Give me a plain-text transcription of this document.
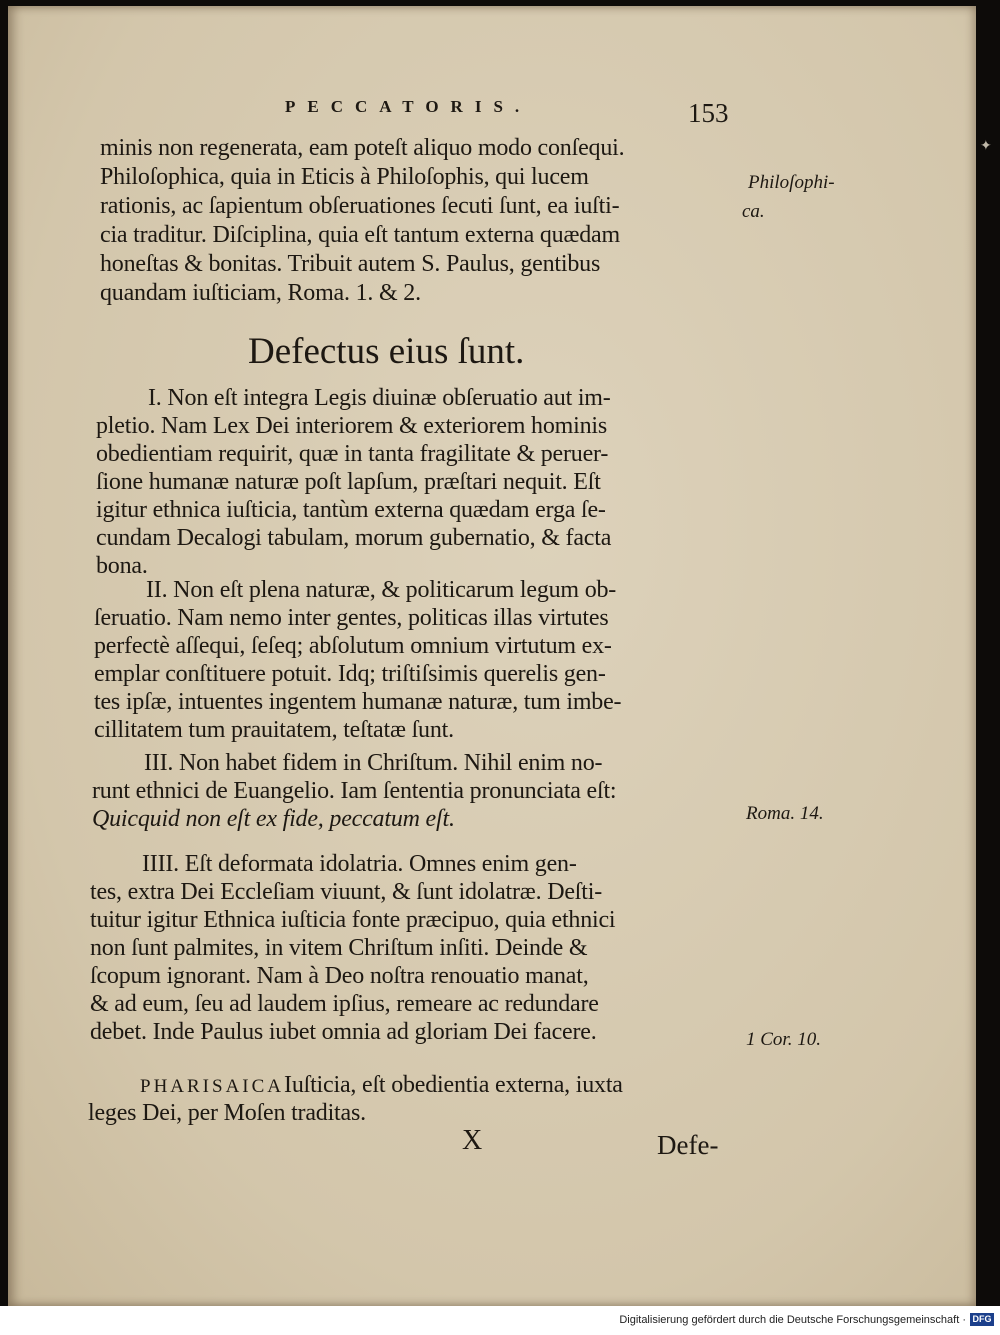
✦
PECCATORIS.	153
minis non regenerata, eam poteſt aliquo modo conſequi.
Philoſophica, quia in Eticis à Philoſophis, qui lucem
rationis, ac ſapientum obſeruationes ſecuti ſunt, ea iuſti-
cia traditur. Diſciplina, quia eſt tantum externa quædam
honeſtas & bonitas. Tribuit autem S. Paulus, gentibus
quandam iuſticiam, Roma. 1. & 2.
Philoſophi-
ca.
Defectus eius ſunt.
I. Non eſt integra Legis diuinæ obſeruatio aut im-
pletio. Nam Lex Dei interiorem & exteriorem hominis
obedientiam requirit, quæ in tanta fragilitate & peruer-
ſione humanæ naturæ poſt lapſum, præſtari nequit. Eſt
igitur ethnica iuſticia, tantùm externa quædam erga ſe-
cundam Decalogi tabulam, morum gubernatio, & facta
bona.
II. Non eſt plena naturæ, & politicarum legum ob-
ſeruatio. Nam nemo inter gentes, politicas illas virtutes
perfectè aſſequi, ſeſeq; abſolutum omnium virtutum ex-
emplar conſtituere potuit. Idq; triſtiſsimis querelis gen-
tes ipſæ, intuentes ingentem humanæ naturæ, tum imbe-
cillitatem tum prauitatem, teſtatæ ſunt.
III. Non habet fidem in Chriſtum. Nihil enim no-
runt ethnici de Euangelio. Iam ſententia pronunciata eſt:
Quicquid non eſt ex fide, peccatum eſt.	Roma. 14.
IIII. Eſt deformata idolatria. Omnes enim gen-
tes, extra Dei Eccleſiam viuunt, & ſunt idolatræ. Deſti-
tuitur igitur Ethnica iuſticia fonte præcipuo, quia ethnici
non ſunt palmites, in vitem Chriſtum inſiti. Deinde &
ſcopum ignorant. Nam à Deo noſtra renouatio manat,
& ad eum, ſeu ad laudem ipſius, remeare ac redundare
debet. Inde Paulus iubet omnia ad gloriam Dei facere.	1 Cor. 10.
PHARISAICAIuſticia, eſt obedientia externa, iuxta
leges Dei, per Moſen traditas.
X	Defe-
Digitalisierung gefördert durch die Deutsche Forschungsgemeinschaft · DFG
